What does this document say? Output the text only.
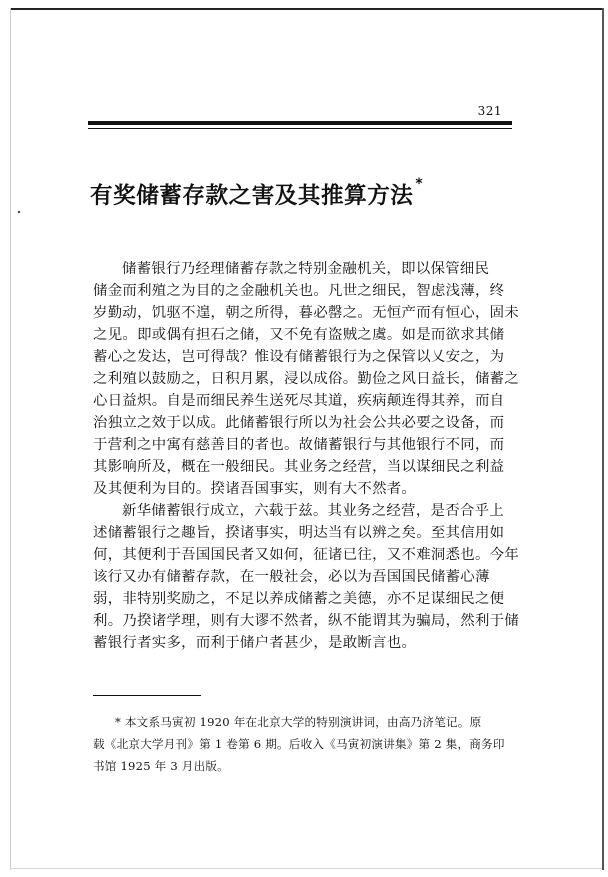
321
有奖储蓄存款之害及其推算方法 *
储蓄银行乃经理储蓄存款之特别金融机关，即以保管细民
储金而利殖之为目的之金融机关也。凡世之细民，智虑浅薄，终
岁勤动，饥驱不遑，朝之所得，暮必罄之。无恒产而有恒心，固未
之见。即或偶有担石之储，又不免有盗贼之虞。如是而欲求其储
蓄心之发达，岂可得哉？惟设有储蓄银行为之保管以乂安之，为
之利殖以鼓励之，日积月累，浸以成俗。勤俭之风日益长，储蓄之
心日益炽。自是而细民养生送死尽其道，疾病颠连得其养，而自
治独立之效于以成。此储蓄银行所以为社会公共必要之设备，而
于营利之中寓有慈善目的者也。故储蓄银行与其他银行不同，而
其影响所及，概在一般细民。其业务之经营，当以谋细民之利益
及其便利为目的。揆诸吾国事实，则有大不然者。
新华储蓄银行成立，六载于兹。其业务之经营，是否合乎上
述储蓄银行之趣旨，揆诸事实，明达当有以辨之矣。至其信用如
何，其便利于吾国国民者又如何，征诸已往，又不难洞悉也。今年
该行又办有储蓄存款，在一般社会，必以为吾国国民储蓄心薄
弱，非特别奖励之，不足以养成储蓄之美德，亦不足谋细民之便
利。乃揆诸学理，则有大谬不然者，纵不能谓其为骗局，然利于储
蓄银行者实多，而利于储户者甚少，是敢断言也。
* 本文系马寅初 1920 年在北京大学的特别演讲词，由高乃济笔记。原
载《北京大学月刊》第 1 卷第 6 期。后收入《马寅初演讲集》第 2 集，商务印
书馆 1925 年 3 月出版。
